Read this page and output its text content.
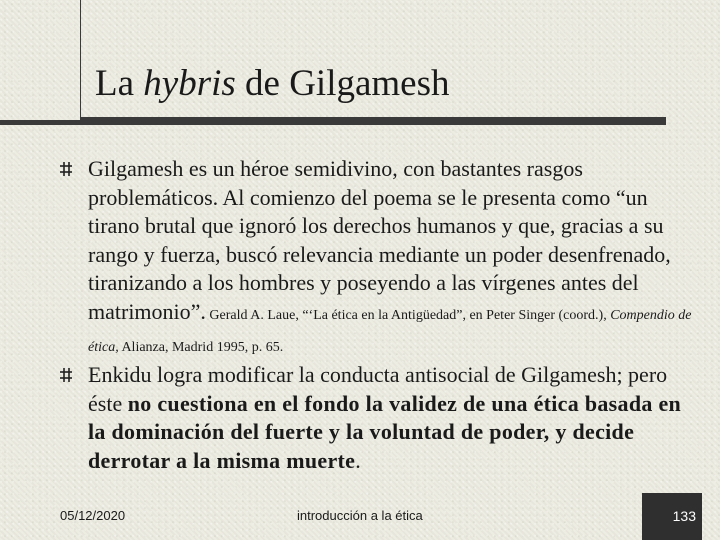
La hybris de Gilgamesh

Gilgamesh es un héroe semidivino, con bastantes rasgos problemáticos. Al comienzo del poema se le presenta como “un tirano brutal que ignoró los derechos humanos y que, gracias a su rango y fuerza, buscó relevancia mediante un poder desenfrenado, tiranizando a los hombres y poseyendo a las vírgenes antes del matrimonio”. Gerald A. Laue, “ʻLa ética en la Antigüedad”, en Peter Singer (coord.), Compendio de ética, Alianza, Madrid 1995, p. 65.

Enkidu logra modificar la conducta antisocial de Gilgamesh; pero éste no cuestiona en el fondo la validez de una ética basada en la dominación del fuerte y la voluntad de poder, y decide derrotar a la misma muerte.

05/12/2020	introducción a la ética	133
